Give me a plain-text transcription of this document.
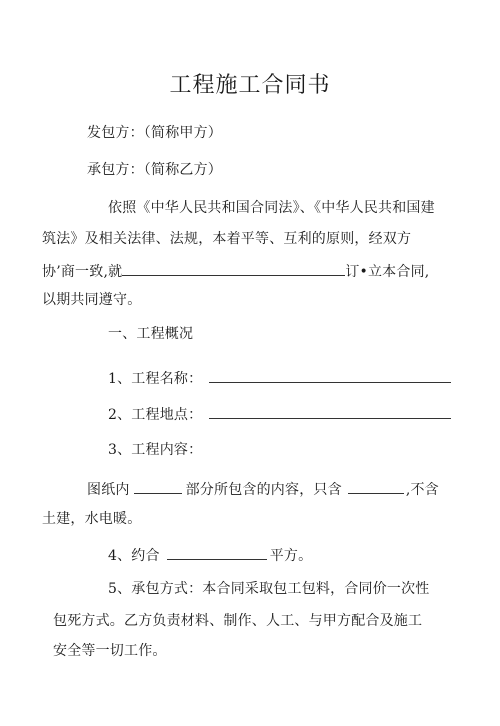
工程施工合同书
发包方：（简称甲方）
承包方：（简称乙方）
依照《中华人民共和国合同法》、《中华人民共和国建
筑法》及相关法律、法规，本着平等、互利的原则，经双方
协’商一致,就	订•立本合同,
以期共同遵守。
一、工程概况
1、工程名称：
2、工程地点：
3、工程内容：
图纸内	部分所包含的内容，只含	,不含
土建，水电暖。
4、约合	平方。
5、承包方式：本合同采取包工包料，合同价一次性
包死方式。乙方负责材料、制作、人工、与甲方配合及施工
安全等一切工作。
